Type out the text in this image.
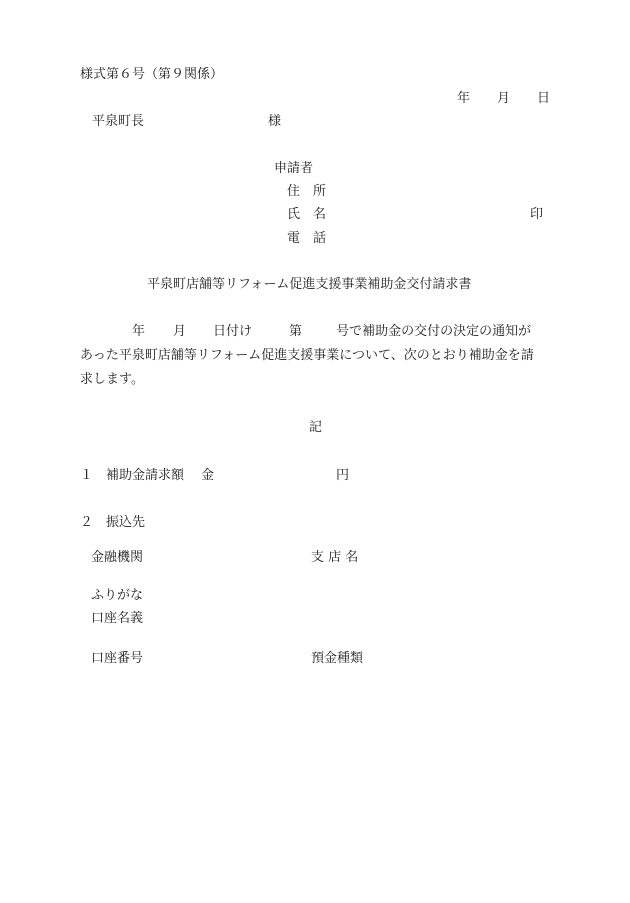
様式第６号（第９関係）
年 月 日
平泉町長	様
申請者
住　所
氏　名	印
電　話
平泉町店舗等リフォーム促進支援事業補助金交付請求書
年 月 日付け	第	号で補助金の交付の決定の通知が
あった平泉町店舗等リフォーム促進支援事業について、次のとおり補助金を請
求します。
記
１ 補助金請求額 金	円
２ 振込先
金融機関	支 店 名
ふりがな
口座名義
口座番号	預金種類
